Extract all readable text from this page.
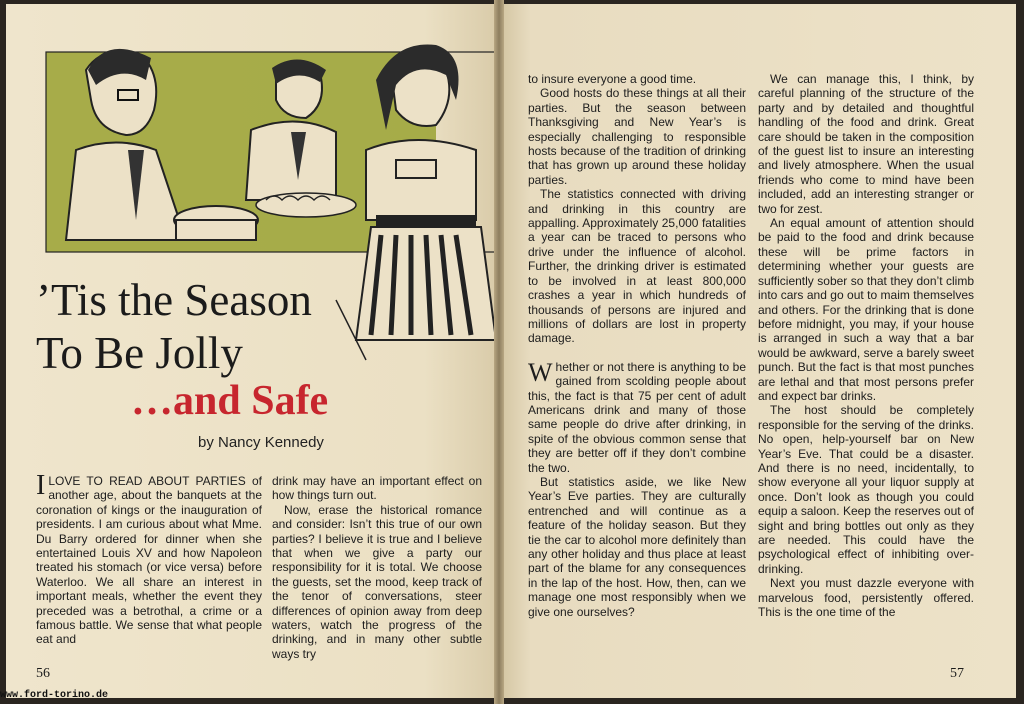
’Tis the Season
To Be Jolly
…and Safe
by Nancy Kennedy

ILOVE TO READ ABOUT PARTIES of another age, about the banquets at the coronation of kings or the inauguration of presidents. I am curious about what Mme. Du Barry ordered for dinner when she entertained Louis XV and how Napoleon treated his stomach (or vice versa) before Waterloo. We all share an interest in important meals, whether the event they preceded was a betrothal, a crime or a famous battle. We sense that what people eat and

drink may have an important effect on how things turn out.

Now, erase the historical romance and consider: Isn’t this true of our own parties? I believe it is true and I believe that when we give a party our responsibility for it is total. We choose the guests, set the mood, keep track of the tenor of conversations, steer differences of opinion away from deep waters, watch the progress of the drinking, and in many other subtle ways try

56

to insure everyone a good time.

Good hosts do these things at all their parties. But the season between Thanksgiving and New Year’s is especially challenging to responsible hosts because of the tradition of drinking that has grown up around these holiday parties.

The statistics connected with driving and drinking in this country are appalling. Approximately 25,000 fatalities a year can be traced to persons who drive under the influence of alcohol. Further, the drinking driver is estimated to be involved in at least 800,000 crashes a year in which hundreds of thousands of persons are injured and millions of dollars are lost in property damage.

Whether or not there is anything to be gained from scolding people about this, the fact is that 75 per cent of adult Americans drink and many of those same people do drive after drinking, in spite of the obvious common sense that they are better off if they don’t combine the two.

But statistics aside, we like New Year’s Eve parties. They are culturally entrenched and will continue as a feature of the holiday season. But they tie the car to alcohol more definitely than any other holiday and thus place at least part of the blame for any consequences in the lap of the host. How, then, can we manage one most responsibly when we give one ourselves?

We can manage this, I think, by careful planning of the structure of the party and by detailed and thoughtful handling of the food and drink. Great care should be taken in the composition of the guest list to insure an interesting and lively atmosphere. When the usual friends who come to mind have been included, add an interesting stranger or two for zest.

An equal amount of attention should be paid to the food and drink because these will be prime factors in determining whether your guests are sufficiently sober so that they don’t climb into cars and go out to maim themselves and others. For the drinking that is done before midnight, you may, if your house is arranged in such a way that a bar would be awkward, serve a barely sweet punch. But the fact is that most punches are lethal and that most persons prefer and expect bar drinks.

The host should be completely responsible for the serving of the drinks. No open, help-yourself bar on New Year’s Eve. That could be a disaster. And there is no need, incidentally, to show everyone all your liquor supply at once. Don’t look as though you could equip a saloon. Keep the reserves out of sight and bring bottles out only as they are needed. This could have the psychological effect of inhibiting over-drinking.

Next you must dazzle everyone with marvelous food, persistently offered. This is the one time of the

57
www.ford-torino.de
